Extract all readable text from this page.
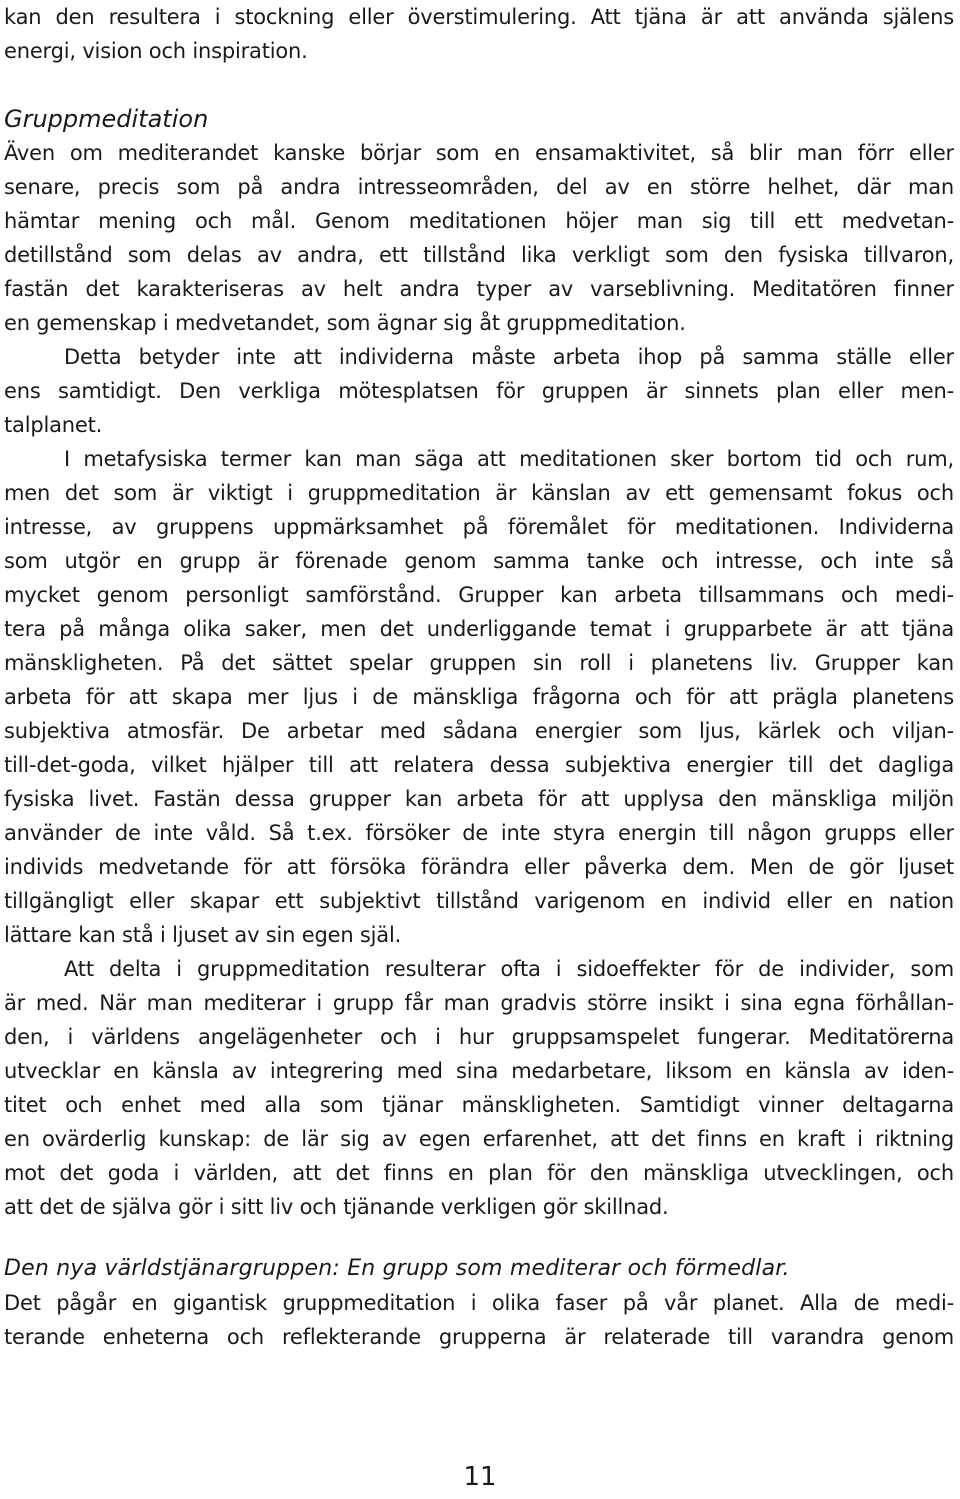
kan den resultera i stockning eller överstimulering. Att tjäna är att använda själens
energi, vision och inspiration.
Gruppmeditation
Även om mediterandet kanske börjar som en ensamaktivitet, så blir man förr eller
senare, precis som på andra intresseområden, del av en större helhet, där man
hämtar mening och mål. Genom meditationen höjer man sig till ett medvetan-
detillstånd som delas av andra, ett tillstånd lika verkligt som den fysiska tillvaron,
fastän det karakteriseras av helt andra typer av varseblivning. Meditatören finner
en gemenskap i medvetandet, som ägnar sig åt gruppmeditation.
Detta betyder inte att individerna måste arbeta ihop på samma ställe eller
ens samtidigt. Den verkliga mötesplatsen för gruppen är sinnets plan eller men-
talplanet.
I metafysiska termer kan man säga att meditationen sker bortom tid och rum,
men det som är viktigt i gruppmeditation är känslan av ett gemensamt fokus och
intresse, av gruppens uppmärksamhet på föremålet för meditationen. Individerna
som utgör en grupp är förenade genom samma tanke och intresse, och inte så
mycket genom personligt samförstånd. Grupper kan arbeta tillsammans och medi-
tera på många olika saker, men det underliggande temat i grupparbete är att tjäna
mänskligheten. På det sättet spelar gruppen sin roll i planetens liv. Grupper kan
arbeta för att skapa mer ljus i de mänskliga frågorna och för att prägla planetens
subjektiva atmosfär. De arbetar med sådana energier som ljus, kärlek och viljan-
till-det-goda, vilket hjälper till att relatera dessa subjektiva energier till det dagliga
fysiska livet. Fastän dessa grupper kan arbeta för att upplysa den mänskliga miljön
använder de inte våld. Så t.ex. försöker de inte styra energin till någon grupps eller
individs medvetande för att försöka förändra eller påverka dem. Men de gör ljuset
tillgängligt eller skapar ett subjektivt tillstånd varigenom en individ eller en nation
lättare kan stå i ljuset av sin egen själ.
Att delta i gruppmeditation resulterar ofta i sidoeffekter för de individer, som
är med. När man mediterar i grupp får man gradvis större insikt i sina egna förhållan-
den, i världens angelägenheter och i hur gruppsamspelet fungerar. Meditatörerna
utvecklar en känsla av integrering med sina medarbetare, liksom en känsla av iden-
titet och enhet med alla som tjänar mänskligheten. Samtidigt vinner deltagarna
en ovärderlig kunskap: de lär sig av egen erfarenhet, att det finns en kraft i riktning
mot det goda i världen, att det finns en plan för den mänskliga utvecklingen, och
att det de själva gör i sitt liv och tjänande verkligen gör skillnad.
Den nya världstjänargruppen: En grupp som mediterar och förmedlar.
Det pågår en gigantisk gruppmeditation i olika faser på vår planet. Alla de medi-
terande enheterna och reflekterande grupperna är relaterade till varandra genom
11
